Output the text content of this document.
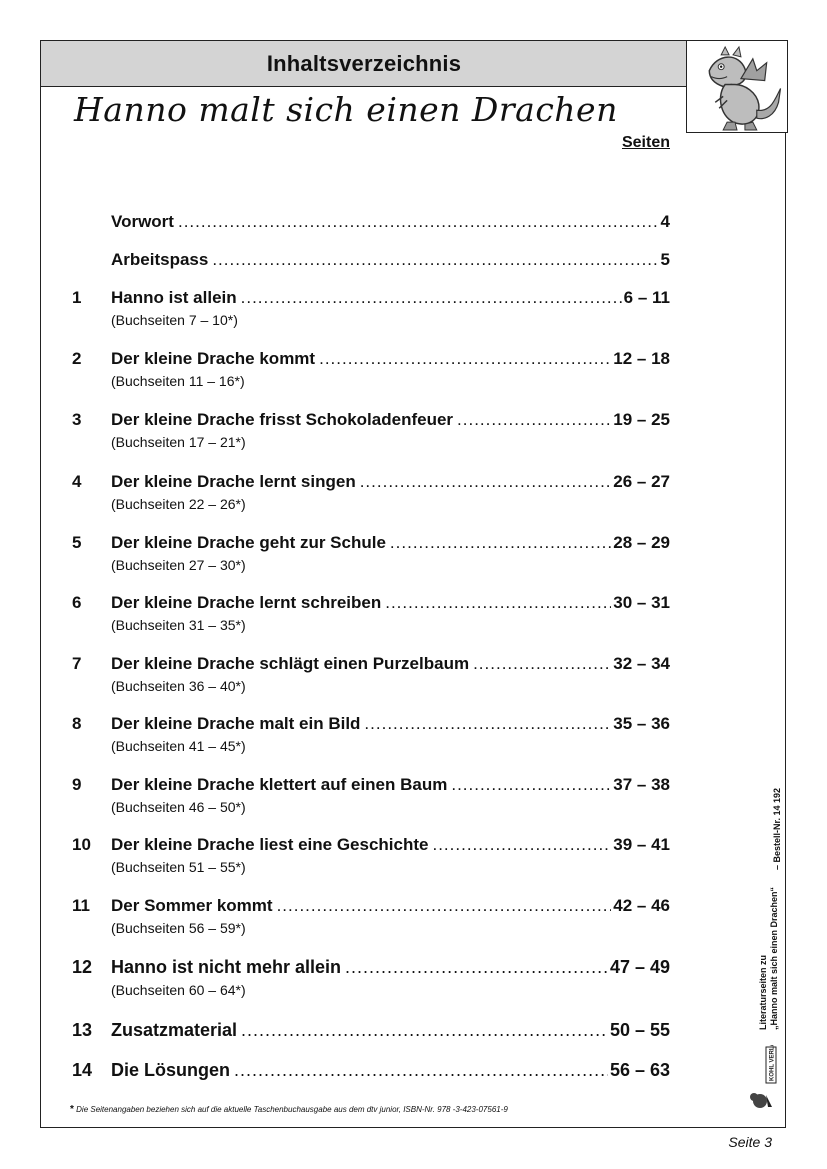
Inhaltsverzeichnis
Hanno malt sich einen Drachen
Seiten
Vorwort .....	4
Arbeitspass .....	5
1	Hanno ist allein .....	6 – 11
(Buchseiten 7 – 10*)
2	Der kleine Drache kommt .....	12 – 18
(Buchseiten 11 – 16*)
3	Der kleine Drache frisst Schokoladenfeuer .....	19 – 25
(Buchseiten 17 – 21*)
4	Der kleine Drache lernt singen .....	26 – 27
(Buchseiten 22 – 26*)
5	Der kleine Drache geht zur Schule .....	28 – 29
(Buchseiten 27 – 30*)
6	Der kleine Drache lernt schreiben .....	30 – 31
(Buchseiten 31 – 35*)
7	Der kleine Drache schlägt einen Purzelbaum .....	32 – 34
(Buchseiten 36 – 40*)
8	Der kleine Drache malt ein Bild .....	35 – 36
(Buchseiten 41 – 45*)
9	Der kleine Drache klettert auf einen Baum .....	37 – 38
(Buchseiten 46 – 50*)
10	Der kleine Drache liest eine Geschichte .....	39 – 41
(Buchseiten 51 – 55*)
11	Der Sommer kommt .....	42 – 46
(Buchseiten 56 – 59*)
12	Hanno ist nicht mehr allein .....	47 – 49
(Buchseiten 60 – 64*)
13	Zusatzmaterial .....	50 – 55
14	Die Lösungen .....	56 – 63
* Die Seitenangaben beziehen sich auf die aktuelle Taschenbuchausgabe aus dem dtv junior, ISBN-Nr. 978 -3-423-07561-9
Literaturseiten zu „Hanno malt sich einen Drachen“
– Bestell-Nr. 14 192
KOHL VERLAG
Seite 3
